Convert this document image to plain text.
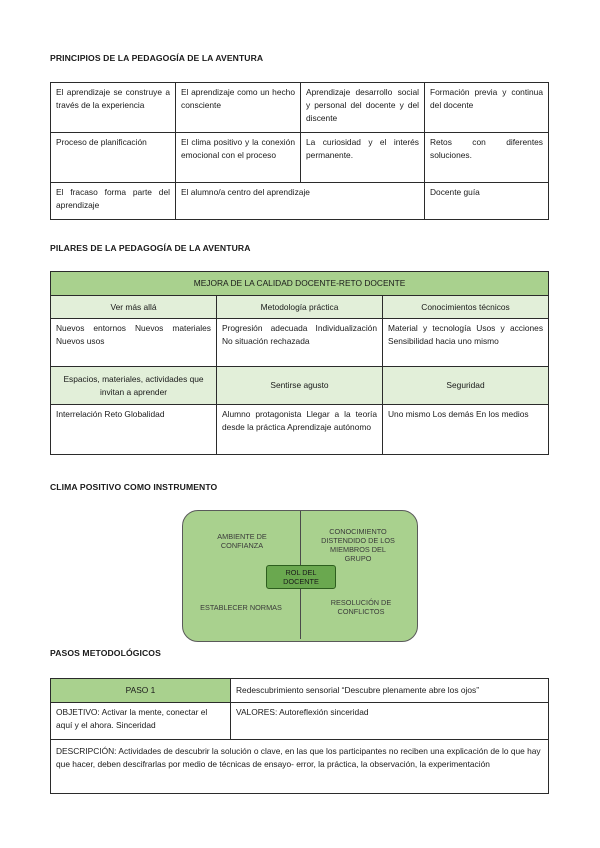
PRINCIPIOS DE LA PEDAGOGÍA DE LA AVENTURA
El aprendizaje se construye a través de la experiencia	El aprendizaje como un hecho consciente	Aprendizaje desarrollo social y personal del docente y del discente	Formación previa y continua del docente
Proceso de planificación	El clima positivo y la conexión emocional con el proceso	La curiosidad y el interés permanente.	Retos con diferentes soluciones.
El fracaso forma parte del aprendizaje	El alumno/a centro del aprendizaje		Docente guía
PILARES DE LA PEDAGOGÍA DE LA AVENTURA
MEJORA DE LA CALIDAD DOCENTE-RETO DOCENTE		
Ver más allá	Metodología práctica	Conocimientos técnicos
Nuevos entornos Nuevos materiales Nuevos usos	Progresión adecuada Individualización No situación rechazada	Material y tecnología Usos y acciones Sensibilidad hacia uno mismo
Espacios, materiales, actividades que invitan a aprender	Sentirse agusto	Seguridad
Interrelación Reto Globalidad	Alumno protagonista Llegar a la teoría desde la práctica Aprendizaje autónomo	Uno mismo Los demás En los medios
CLIMA POSITIVO COMO INSTRUMENTO
AMBIENTE DE CONFIANZA
CONOCIMIENTO DISTENDIDO DE LOS MIEMBROS DEL GRUPO
ROL DEL DOCENTE
ESTABLECER NORMAS
RESOLUCIÓN DE CONFLICTOS
PASOS METODOLÓGICOS
PASO 1	Redescubrimiento sensorial “Descubre plenamente abre los ojos”
OBJETIVO: Activar la mente, conectar el aquí y el ahora. Sinceridad	VALORES: Autoreflexión sinceridad
DESCRIPCIÓN: Actividades de descubrir la solución o clave, en las que los participantes no reciben una explicación de lo que hay que hacer, deben descifrarlas por medio de técnicas de ensayo- error, la práctica, la observación, la experimentación	
